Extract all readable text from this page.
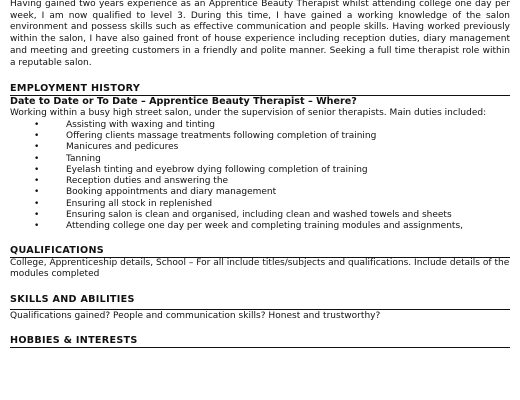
Having gained two years experience as an Apprentice Beauty Therapist whilst attending college one day per week, I am now qualified to level 3. During this time, I have gained a working knowledge of the salon environment and possess skills such as effective communication and people skills. Having worked previously within the salon, I have also gained front of house experience including reception duties, diary management and meeting and greeting customers in a friendly and polite manner. Seeking a full time therapist role within a reputable salon.

EMPLOYMENT HISTORY

Date to Date or To Date – Apprentice Beauty Therapist – Where?

Working within a busy high street salon, under the supervision of senior therapists. Main duties included:

•	Assisting with waxing and tinting
•	Offering clients massage treatments following completion of training
•	Manicures and pedicures
•	Tanning
•	Eyelash tinting and eyebrow dying following completion of training
•	Reception duties and answering the
•	Booking appointments and diary management
•	Ensuring all stock in replenished
•	Ensuring salon is clean and organised, including clean and washed towels and sheets
•	Attending college one day per week and completing training modules and assignments,
QUALIFICATIONS

College, Apprenticeship details, School – For all include titles/subjects and qualifications. Include details of the modules completed

SKILLS AND ABILITIES

Qualifications gained? People and communication skills? Honest and trustworthy?

HOBBIES & INTERESTS
